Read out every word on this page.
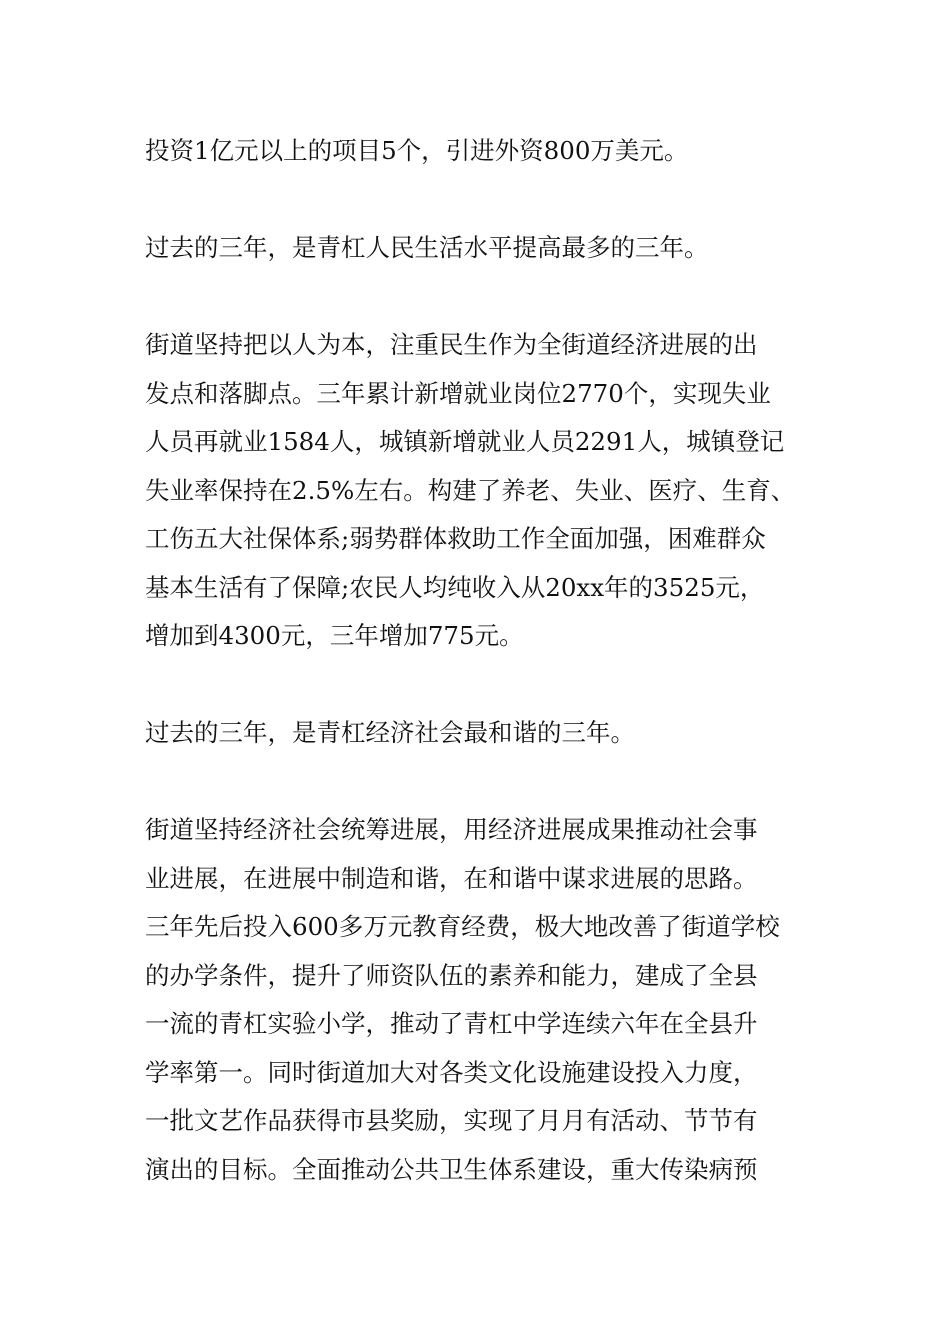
投资1亿元以上的项目5个，引进外资800万美元。
过去的三年，是青杠人民生活水平提高最多的三年。
街道坚持把以人为本，注重民生作为全街道经济进展的出
发点和落脚点。三年累计新增就业岗位2770个，实现失业
人员再就业1584人，城镇新增就业人员2291人，城镇登记
失业率保持在2.5%左右。构建了养老、失业、医疗、生育、
工伤五大社保体系;弱势群体救助工作全面加强，困难群众
基本生活有了保障;农民人均纯收入从20xx年的3525元，
增加到4300元，三年增加775元。
过去的三年，是青杠经济社会最和谐的三年。
街道坚持经济社会统筹进展，用经济进展成果推动社会事
业进展，在进展中制造和谐，在和谐中谋求进展的思路。
三年先后投入600多万元教育经费，极大地改善了街道学校
的办学条件，提升了师资队伍的素养和能力，建成了全县
一流的青杠实验小学，推动了青杠中学连续六年在全县升
学率第一。同时街道加大对各类文化设施建设投入力度，
一批文艺作品获得市县奖励，实现了月月有活动、节节有
演出的目标。全面推动公共卫生体系建设，重大传染病预
